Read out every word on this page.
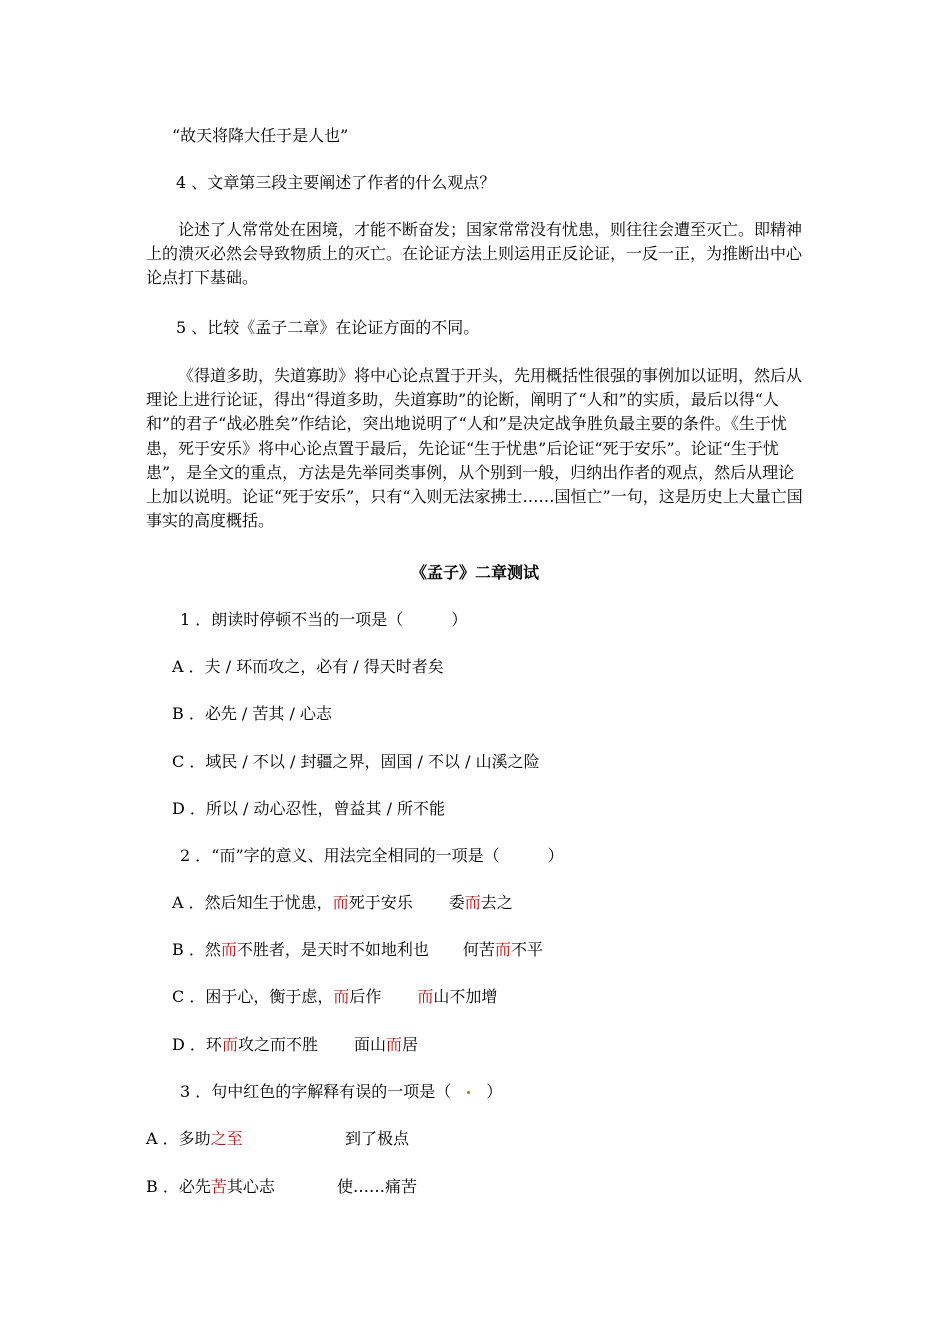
“故天将降大任于是人也”
4 、文章第三段主要阐述了作者的什么观点？
论述了人常常处在困境，才能不断奋发；国家常常没有忧患，则往往会遭至灭亡。即精神上的溃灭必然会导致物质上的灭亡。在论证方法上则运用正反论证，一反一正，为推断出中心论点打下基础。
5 、比较《孟子二章》在论证方面的不同。
《得道多助，失道寡助》将中心论点置于开头，先用概括性很强的事例加以证明，然后从理论上进行论证，得出“得道多助，失道寡助”的论断，阐明了“人和”的实质，最后以得“人和”的君子“战必胜矣”作结论，突出地说明了“人和”是决定战争胜负最主要的条件。《生于忧患，死于安乐》将中心论点置于最后，先论证“生于忧患”后论证“死于安乐”。论证“生于忧患”，是全文的重点，方法是先举同类事例，从个别到一般，归纳出作者的观点，然后从理论上加以说明。论证“死于安乐”，只有“入则无法家拂士……国恒亡”一句，这是历史上大量亡国事实的高度概括。
《孟子》二章测试
1 ．朗读时停顿不当的一项是（　　　）
A ．夫 / 环而攻之，必有 / 得天时者矣
B ．必先 / 苦其 / 心志
C ．域民 / 不以 / 封疆之界，固国 / 不以 / 山溪之险
D ．所以 / 动心忍性，曾益其 / 所不能
2 ．“而”字的意义、用法完全相同的一项是（　　　）
A ．然后知生于忧患，而死于安乐 委而去之
B ．然而不胜者，是天时不如地利也 何苦而不平
C ．困于心，衡于虑，而后作 而山不加增
D ．环而攻之而不胜 面山而居
3 ．句中红色的字解释有误的一项是（ ）
A ．多助之至	到了极点
B ．必先苦其心志	使……痛苦
